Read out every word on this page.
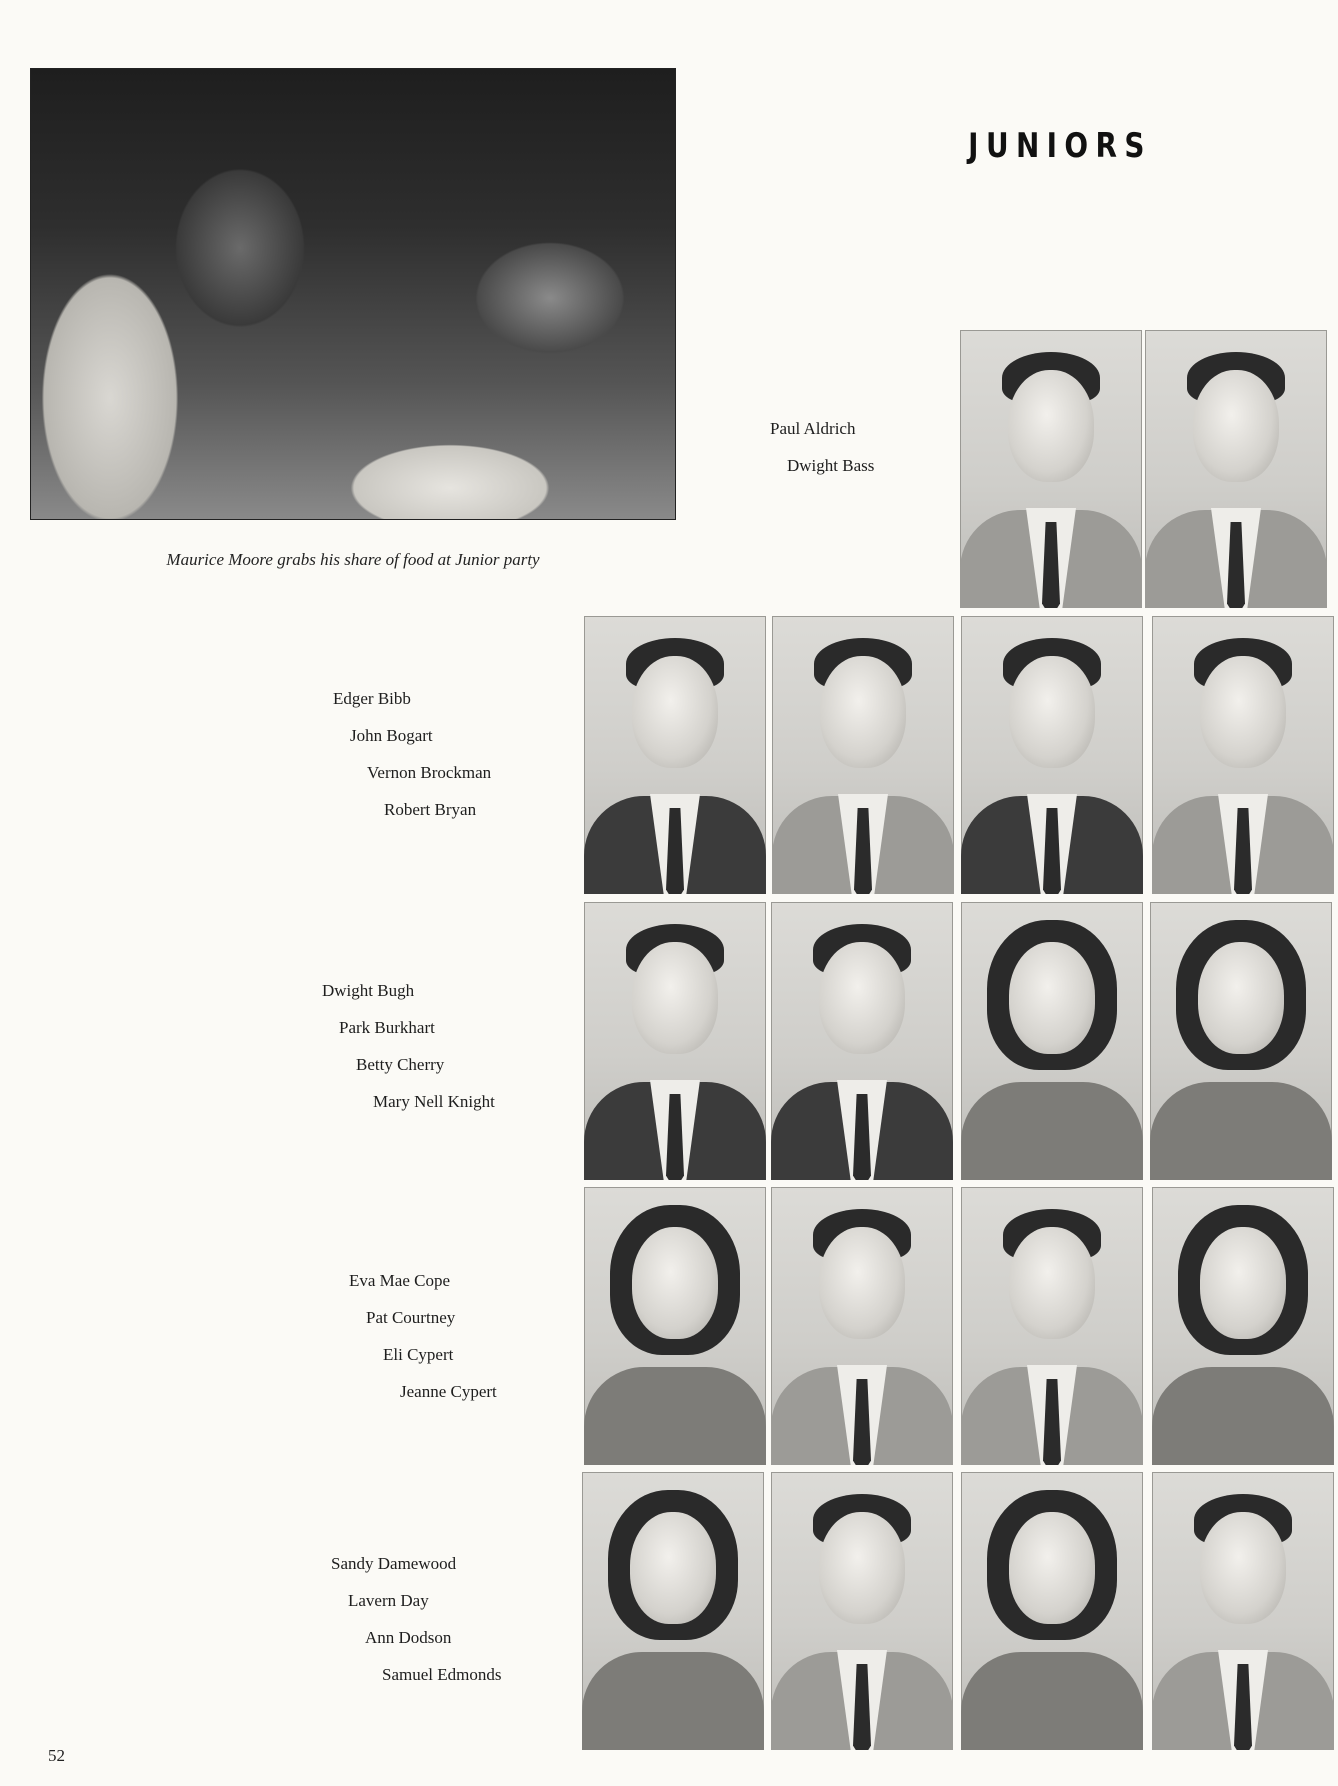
Maurice Moore grabs his share of food at Junior party
JUNIORS
Paul Aldrich
Dwight Bass
Edger Bibb
John Bogart
Vernon Brockman
Robert Bryan
Dwight Bugh
Park Burkhart
Betty Cherry
Mary Nell Knight
Eva Mae Cope
Pat Courtney
Eli Cypert
Jeanne Cypert
Sandy Damewood
Lavern Day
Ann Dodson
Samuel Edmonds
52
